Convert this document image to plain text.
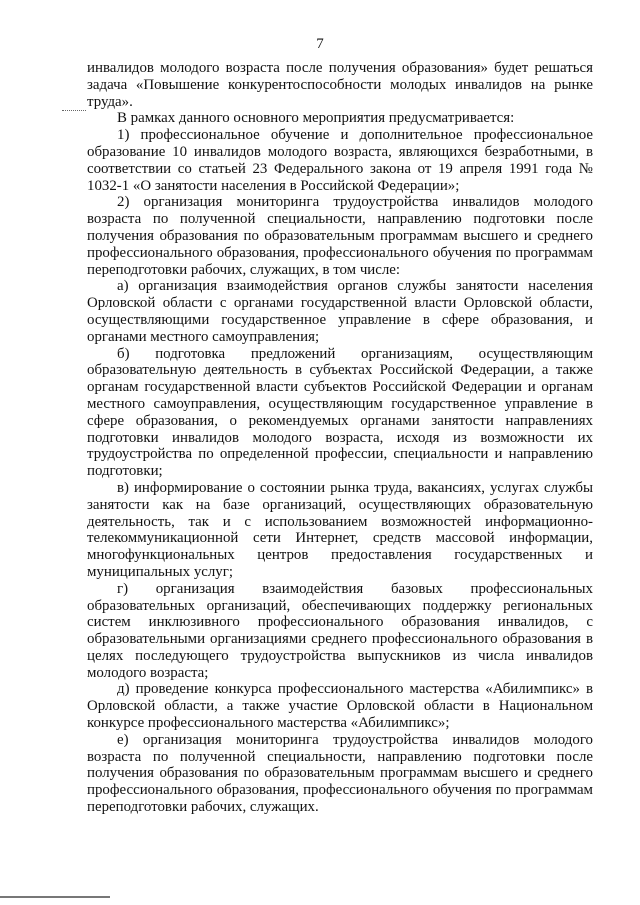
7

инвалидов молодого возраста после получения образования» будет решаться задача «Повышение конкурентоспособности молодых инвалидов на рынке труда».

В рамках данного основного мероприятия предусматривается:

1) профессиональное обучение и дополнительное профессиональное образование 10 инвалидов молодого возраста, являющихся безработными, в соответствии со статьей 23 Федерального закона от 19 апреля 1991 года № 1032-1 «О занятости населения в Российской Федерации»;

2) организация мониторинга трудоустройства инвалидов молодого возраста по полученной специальности, направлению подготовки после получения образования по образовательным программам высшего и среднего профессионального образования, профессионального обучения по программам переподготовки рабочих, служащих, в том числе:

а) организация взаимодействия органов службы занятости населения Орловской области с органами государственной власти Орловской области, осуществляющими государственное управление в сфере образования, и органами местного самоуправления;

б) подготовка предложений организациям, осуществляющим образовательную деятельность в субъектах Российской Федерации, а также органам государственной власти субъектов Российской Федерации и органам местного самоуправления, осуществляющим государственное управление в сфере образования, о рекомендуемых органами занятости направлениях подготовки инвалидов молодого возраста, исходя из возможности их трудоустройства по определенной профессии, специальности и направлению подготовки;

в) информирование о состоянии рынка труда, вакансиях, услугах службы занятости как на базе организаций, осуществляющих образовательную деятельность, так и с использованием возможностей информационно-телекоммуникационной сети Интернет, средств массовой информации, многофункциональных центров предоставления государственных и муниципальных услуг;

г) организация взаимодействия базовых профессиональных образовательных организаций, обеспечивающих поддержку региональных систем инклюзивного профессионального образования инвалидов, с образовательными организациями среднего профессионального образования в целях последующего трудоустройства выпускников из числа инвалидов молодого возраста;

д) проведение конкурса профессионального мастерства «Абилимпикс» в Орловской области, а также участие Орловской области в Национальном конкурсе профессионального мастерства «Абилимпикс»;

е) организация мониторинга трудоустройства инвалидов молодого возраста по полученной специальности, направлению подготовки после получения образования по образовательным программам высшего и среднего профессионального образования, профессионального обучения по программам переподготовки рабочих, служащих.
